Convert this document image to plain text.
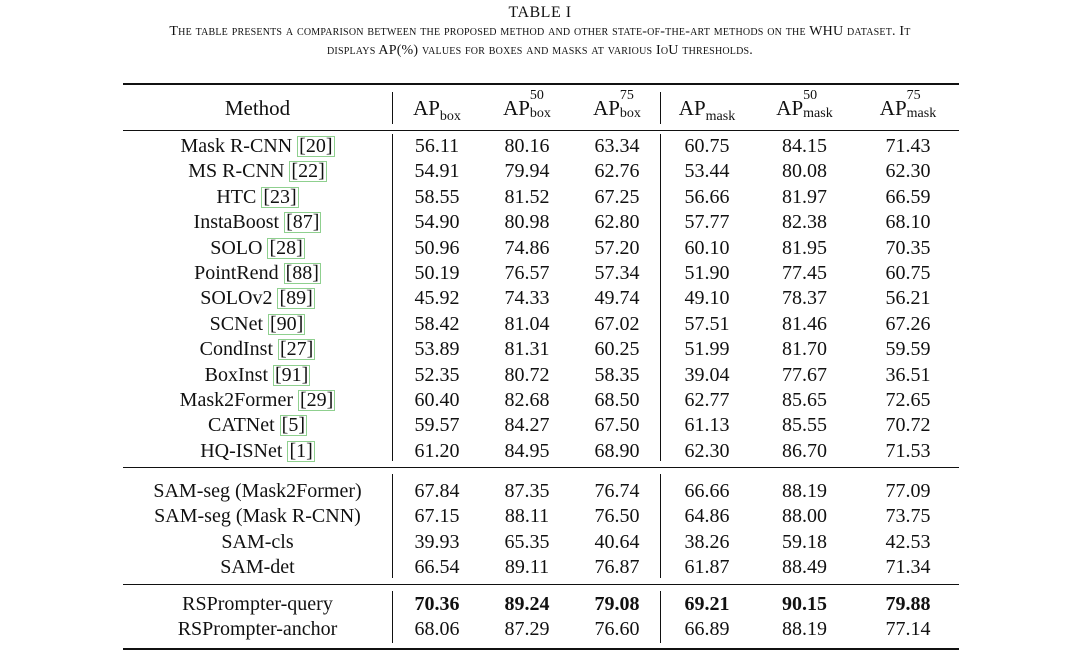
TABLE I
The table presents a comparison between the proposed method and other state-of-the-art methods on the WHU dataset. It
displays AP(%) values for boxes and masks at various IoU thresholds.
Method	$AP_{box}$	AP
50
box	AP
75
box	$AP_{mask}$	AP
50
mask	AP
75
mask
Mask R-CNN [20]	56.11	80.16	63.34	60.75	84.15	71.43
MS R-CNN [22]	54.91	79.94	62.76	53.44	80.08	62.30
HTC [23]	58.55	81.52	67.25	56.66	81.97	66.59
InstaBoost [87]	54.90	80.98	62.80	57.77	82.38	68.10
SOLO [28]	50.96	74.86	57.20	60.10	81.95	70.35
PointRend [88]	50.19	76.57	57.34	51.90	77.45	60.75
SOLOv2 [89]	45.92	74.33	49.74	49.10	78.37	56.21
SCNet [90]	58.42	81.04	67.02	57.51	81.46	67.26
CondInst [27]	53.89	81.31	60.25	51.99	81.70	59.59
BoxInst [91]	52.35	80.72	58.35	39.04	77.67	36.51
Mask2Former [29]	60.40	82.68	68.50	62.77	85.65	72.65
CATNet [5]	59.57	84.27	67.50	61.13	85.55	70.72
HQ-ISNet [1]	61.20	84.95	68.90	62.30	86.70	71.53
SAM-seg (Mask2Former)	67.84	87.35	76.74	66.66	88.19	77.09
SAM-seg (Mask R-CNN)	67.15	88.11	76.50	64.86	88.00	73.75
SAM-cls	39.93	65.35	40.64	38.26	59.18	42.53
SAM-det	66.54	89.11	76.87	61.87	88.49	71.34
RSPrompter-query	70.36	89.24	79.08	69.21	90.15	79.88
RSPrompter-anchor	68.06	87.29	76.60	66.89	88.19	77.14
